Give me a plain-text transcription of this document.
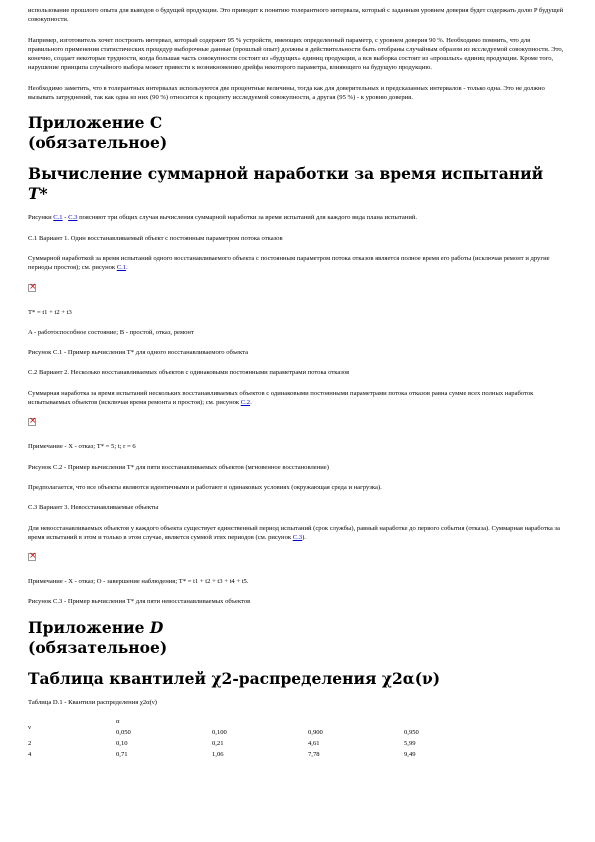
использование прошлого опыта для выводов о будущей продукции. Это приводит к понятию толерантного интервала, который с заданным уровнем доверия будет содержать долю P будущей совокупности.

Например, изготовитель хочет построить интервал, который содержит 95 % устройств, имеющих определенный параметр, с уровнем доверия 90 %. Необходимо помнить, что для правильного применения статистических процедур выборочные данные (прошлый опыт) должны в действительности быть отобраны случайным образом из исследуемой совокупности. Это, конечно, создает некоторые трудности, когда большая часть совокупности состоит из «будущих» единиц продукции, а вся выборка состоит из «прошлых» единиц продукции. Кроме того, нарушение принципа случайного выбора может привести к возникновению дрейфа некоторого параметра, влияющего на будущую продукцию.

Необходимо заметить, что в толерантных интервалах используются две процентные величины, тогда как для доверительных и предсказанных интервалов - только одна. Это не должно вызывать затруднений, так как одна из них (90 %) относится к проценту исследуемой совокупности, а другая (95 %) - к уровню доверия.

Приложение С
(обязательное)
Вычисление суммарной наработки за время испытаний T*

Рисунки С.1 - С.3 поясняют три общих случая вычисления суммарной наработки за время испытаний для каждого вида плана испытаний.

С.1 Вариант 1. Один восстанавливаемый объект с постоянным параметром потока отказов

Суммарной наработкой за время испытаний одного восстанавливаемого объекта с постоянным параметром потока отказов является полное время его работы (исключая ремонт и другие периоды простоя); см. рисунок С.1.

×

T* = t1 + t2 + t3

A - работоспособное состояние; B - простой, отказ, ремонт

Рисунок С.1 - Пример вычисления T* для одного восстанавливаемого объекта

С.2 Вариант 2. Несколько восстанавливаемых объектов с одинаковыми постоянными параметрами потока отказов

Суммарная наработка за время испытаний нескольких восстанавливаемых объектов с одинаковыми постоянными параметрами потока отказов равна сумме всех полных наработок испытываемых объектов (исключая время ремонта и простоя); см. рисунок С.2.

×

Примечание - X - отказ; T* = 5; t; r = 6

Рисунок С.2 - Пример вычисления T* для пяти восстанавливаемых объектов (мгновенное восстановление)

Предполагается, что все объекты являются идентичными и работают в одинаковых условиях (окружающая среда и нагрузка).

С.3 Вариант 3. Невосстанавливаемые объекты

Для невосстанавливаемых объектов у каждого объекта существует единственный период испытаний (срок службы), равный наработке до первого события (отказа). Суммарная наработка за время испытаний в этом и только в этом случае, является суммой этих периодов (см. рисунок С.3).

×

Примечание - X - отказ; О - завершение наблюдения; T* = t1 + t2 + t3 + t4 + t5.

Рисунок С.3 - Пример вычисления T* для пяти невосстанавливаемых объектов

Приложение D
(обязательное)
Таблица квантилей χ2-распределения χ2α(ν)

Таблица D.1 - Квантили распределения χ2α(ν)

	α			
ν	0,050	0,100	0,900	0,950
2	0,10	0,21	4,61	5,99
4	0,71	1,06	7,78	9,49
